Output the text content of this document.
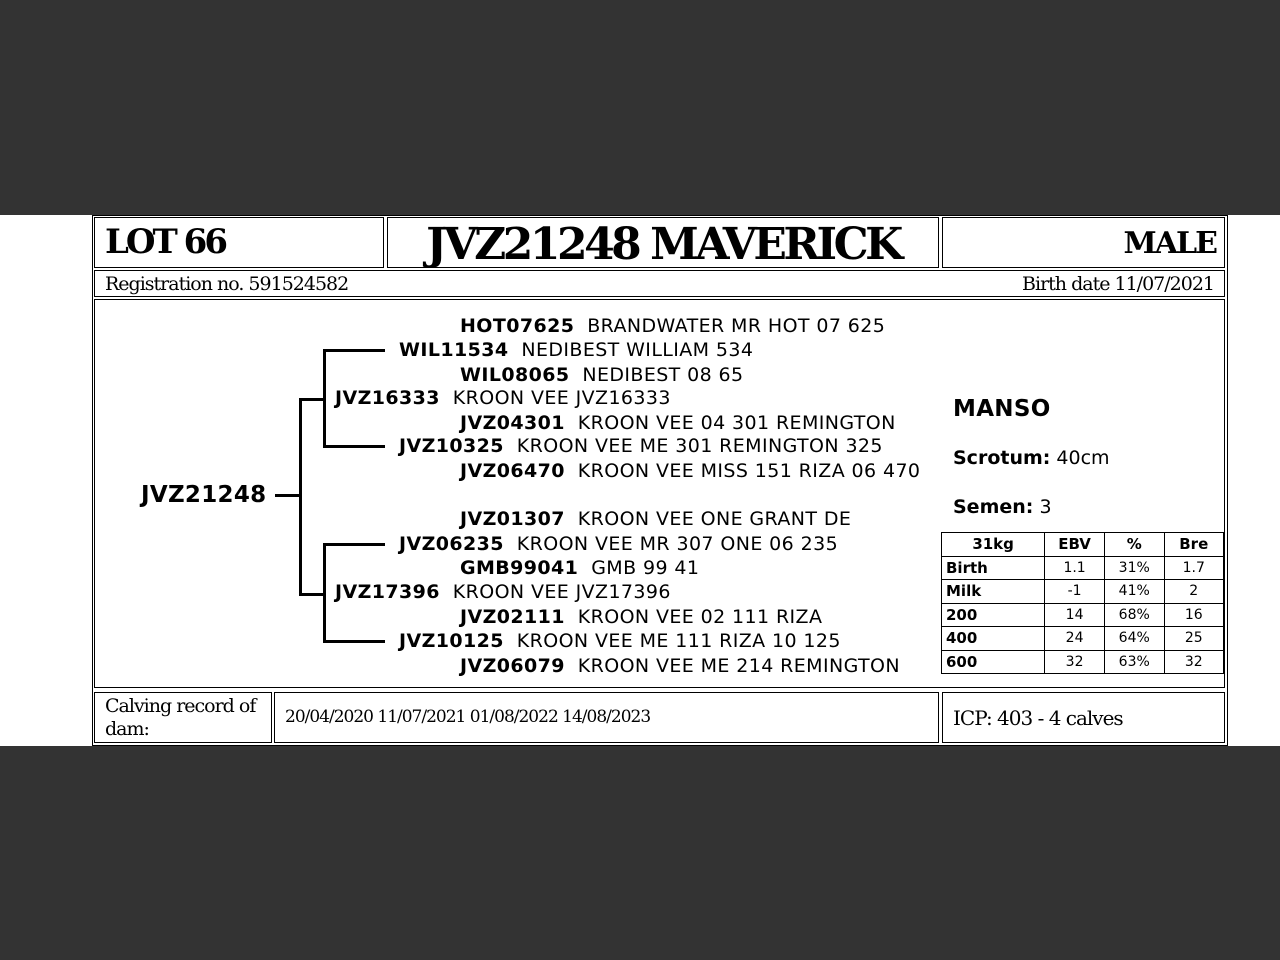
LOT 66	JVZ21248 MAVERICK	MALE
Registration no. 591524582	Birth date 11/07/2021
JVZ21248
HOT07625 BRANDWATER MR HOT 07 625
WIL11534 NEDIBEST WILLIAM 534
WIL08065 NEDIBEST 08 65
JVZ16333 KROON VEE JVZ16333
JVZ04301 KROON VEE 04 301 REMINGTON
JVZ10325 KROON VEE ME 301 REMINGTON 325
JVZ06470 KROON VEE MISS 151 RIZA 06 470
JVZ01307 KROON VEE ONE GRANT DE
JVZ06235 KROON VEE MR 307 ONE 06 235
GMB99041 GMB 99 41
JVZ17396 KROON VEE JVZ17396
JVZ02111 KROON VEE 02 111 RIZA
JVZ10125 KROON VEE ME 111 RIZA 10 125
JVZ06079 KROON VEE ME 214 REMINGTON
MANSO
Scrotum: 40cm
Semen: 3
31kg	EBV	%	Bre
Birth	1.1	31%	1.7
Milk	-1	41%	2
200	14	68%	16
400	24	64%	25
600	32	63%	32
Calving record of
dam:
20/04/2020 11/07/2021 01/08/2022 14/08/2023	ICP: 403 - 4 calves
